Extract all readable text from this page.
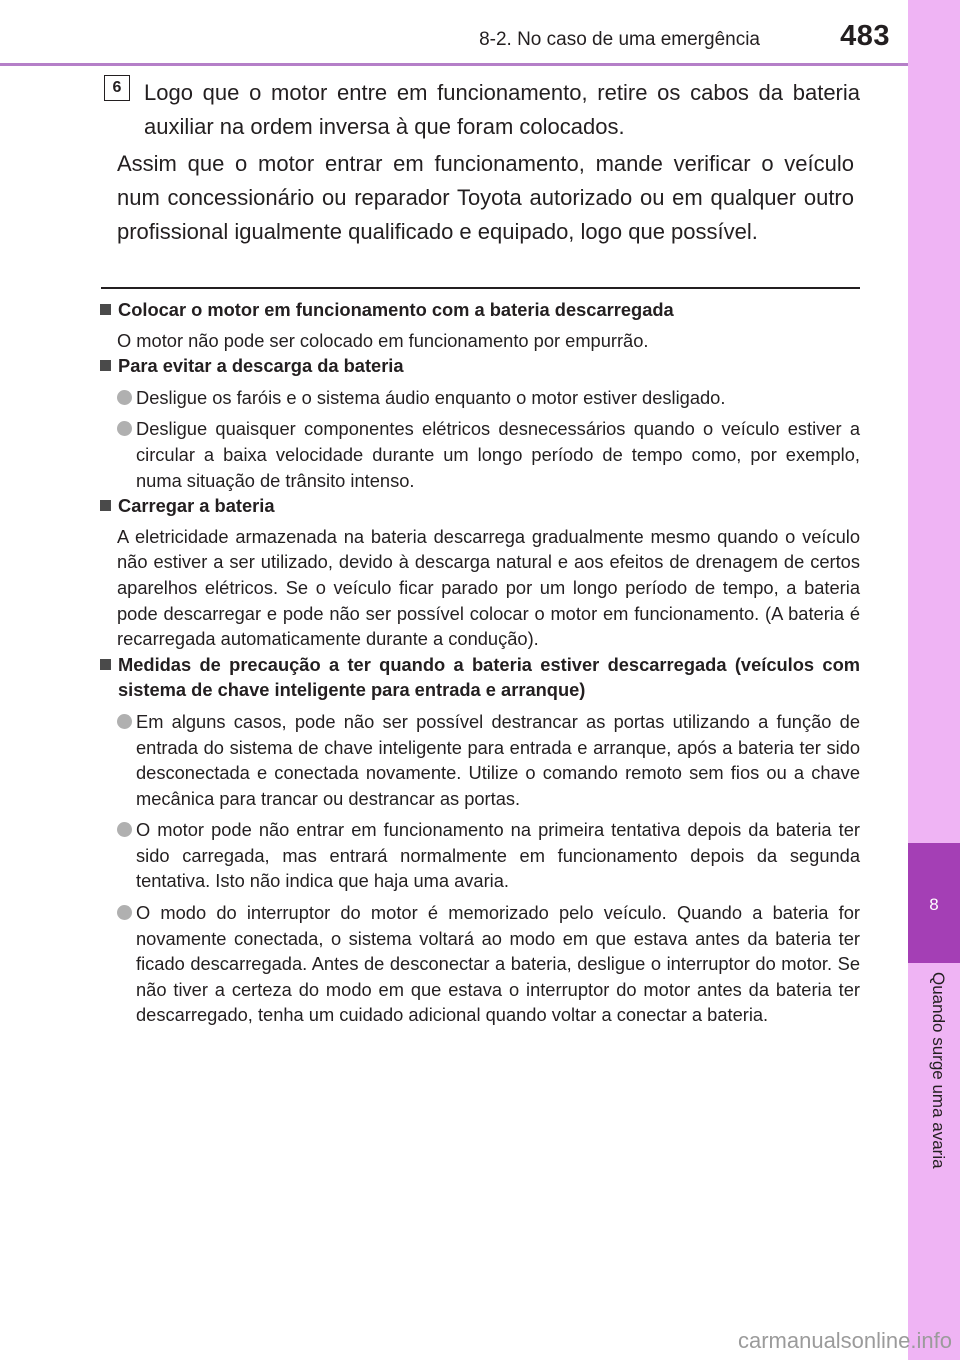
8-2. No caso de uma emergência	483
8
Quando surge uma avaria
6	Logo que o motor entre em funcionamento, retire os cabos da bateria auxiliar na ordem inversa à que foram colocados.

Assim que o motor entrar em funcionamento, mande verificar o veículo num concessionário ou reparador Toyota autorizado ou em qualquer outro profissional igualmente qualificado e equipado, logo que possível.

Colocar o motor em funcionamento com a bateria descarregada
O motor não pode ser colocado em funcionamento por empurrão.
Para evitar a descarga da bateria
Desligue os faróis e o sistema áudio enquanto o motor estiver desligado.
Desligue quaisquer componentes elétricos desnecessários quando o veículo estiver a circular a baixa velocidade durante um longo período de tempo como, por exemplo, numa situação de trânsito intenso.
Carregar a bateria
A eletricidade armazenada na bateria descarrega gradualmente mesmo quando o veículo não estiver a ser utilizado, devido à descarga natural e aos efeitos de drenagem de certos aparelhos elétricos. Se o veículo ficar parado por um longo período de tempo, a bateria pode descarregar e pode não ser possível colocar o motor em funcionamento. (A bateria é recarregada automaticamente durante a condução).
Medidas de precaução a ter quando a bateria estiver descarregada (veículos com sistema de chave inteligente para entrada e arranque)
Em alguns casos, pode não ser possível destrancar as portas utilizando a função de entrada do sistema de chave inteligente para entrada e arranque, após a bateria ter sido desconectada e conectada novamente. Utilize o comando remoto sem fios ou a chave mecânica para trancar ou destrancar as portas.
O motor pode não entrar em funcionamento na primeira tentativa depois da bateria ter sido carregada, mas entrará normalmente em funcionamento depois da segunda tentativa. Isto não indica que haja uma avaria.
O modo do interruptor do motor é memorizado pelo veículo. Quando a bateria for novamente conectada, o sistema voltará ao modo em que estava antes da bateria ter ficado descarregada. Antes de desconectar a bateria, desligue o interruptor do motor. Se não tiver a certeza do modo em que estava o interruptor do motor antes da bateria ter descarregado, tenha um cuidado adicional quando voltar a conectar a bateria.
carmanualsonline.info
